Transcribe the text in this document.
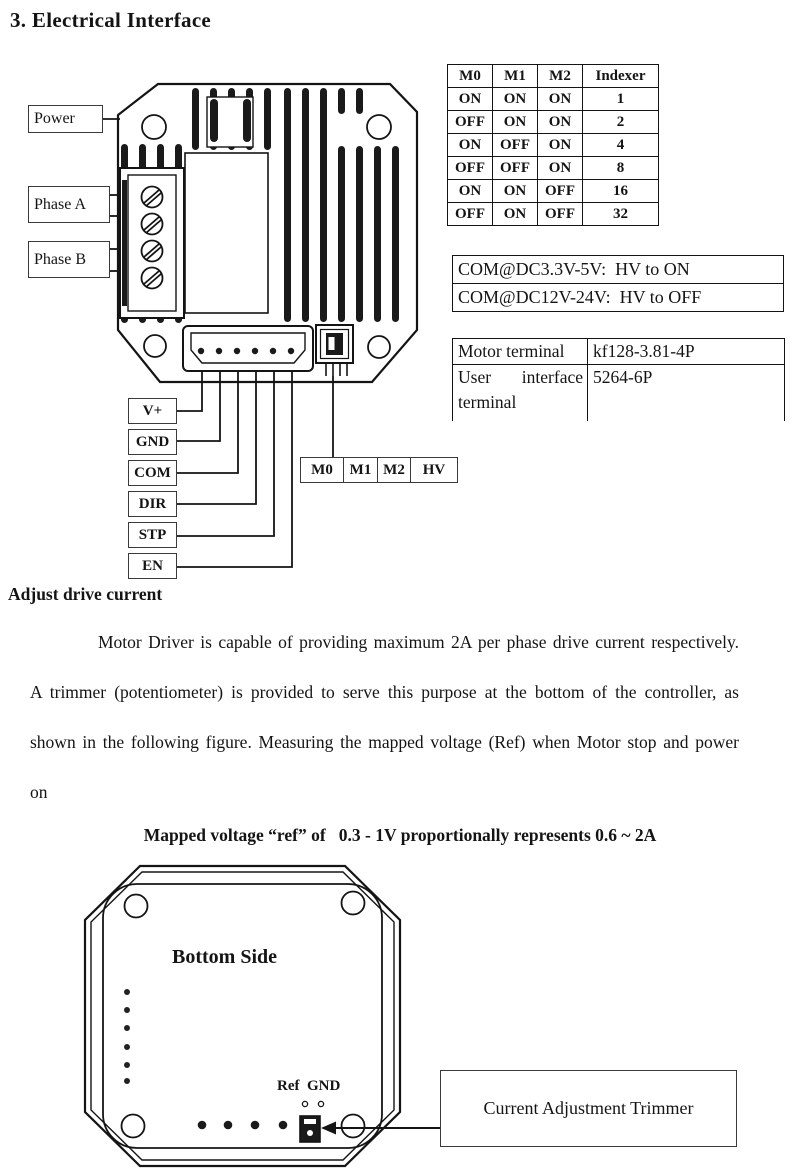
3. Electrical Interface
Power
Phase A
Phase B
V+
GND
COM
DIR
STP
EN
M0	M1	M2	HV
M0	M1	M2	Indexer
ON	ON	ON	1
OFF	ON	ON	2
ON	OFF	ON	4
OFF	OFF	ON	8
ON	ON	OFF	16
OFF	ON	OFF	32
COM@DC3.3V-5V:  HV to ON
COM@DC12V-24V:  HV to OFF
Motor terminal	kf128-3.81-4P
User interface terminal	5264-6P
Adjust drive current

Motor Driver is capable of providing maximum 2A per phase drive current respectively. A trimmer (potentiometer) is provided to serve this purpose at the bottom of the controller, as shown in the following figure. Measuring the mapped voltage (Ref) when Motor stop and power on

Mapped voltage “ref” of   0.3 - 1V proportionally represents 0.6 ~ 2A
Bottom Side
Ref  GND
Current Adjustment Trimmer
